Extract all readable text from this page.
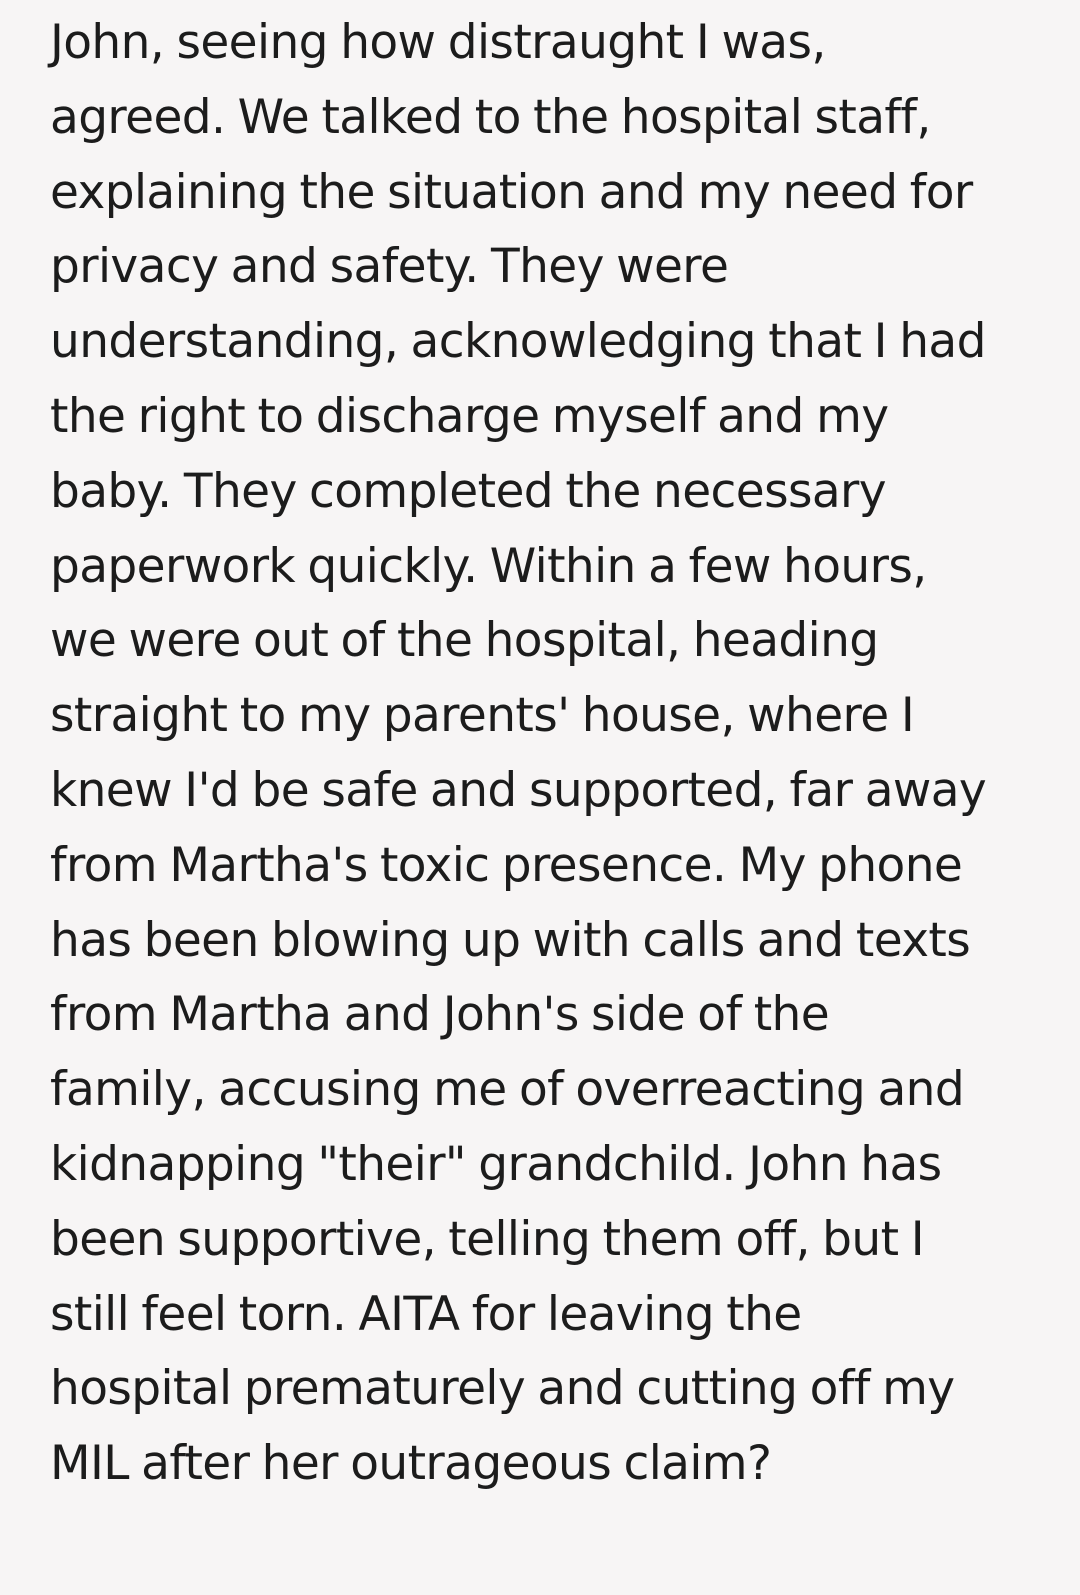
John, seeing how distraught I was,
agreed. We talked to the hospital staff,
explaining the situation and my need for
privacy and safety. They were
understanding, acknowledging that I had
the right to discharge myself and my
baby. They completed the necessary
paperwork quickly. Within a few hours,
we were out of the hospital, heading
straight to my parents' house, where I
knew I'd be safe and supported, far away
from Martha's toxic presence. My phone
has been blowing up with calls and texts
from Martha and John's side of the
family, accusing me of overreacting and
kidnapping "their" grandchild. John has
been supportive, telling them off, but I
still feel torn. AITA for leaving the
hospital prematurely and cutting off my
MIL after her outrageous claim?
